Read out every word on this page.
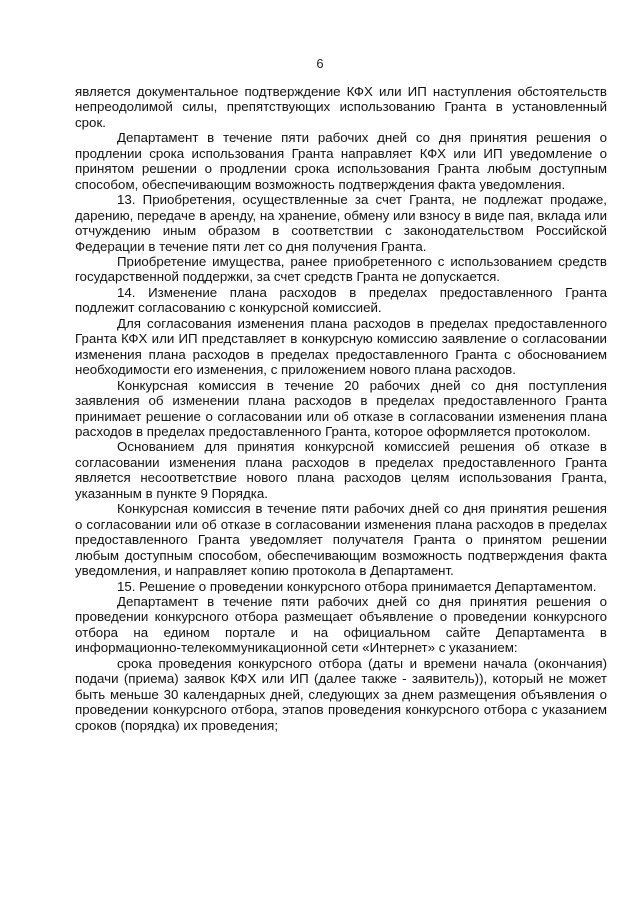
6

является документальное подтверждение КФХ или ИП наступления обстоятельств непреодолимой силы, препятствующих использованию Гранта в установленный срок.

Департамент в течение пяти рабочих дней со дня принятия решения о продлении срока использования Гранта направляет КФХ или ИП уведомление о принятом решении о продлении срока использования Гранта любым доступным способом, обеспечивающим возможность подтверждения факта уведомления.

13. Приобретения, осуществленные за счет Гранта, не подлежат продаже, дарению, передаче в аренду, на хранение, обмену или взносу в виде пая, вклада или отчуждению иным образом в соответствии с законодательством Российской Федерации в течение пяти лет со дня получения Гранта.

Приобретение имущества, ранее приобретенного с использованием средств государственной поддержки, за счет средств Гранта не допускается.

14. Изменение плана расходов в пределах предоставленного Гранта подлежит согласованию с конкурсной комиссией.

Для согласования изменения плана расходов в пределах предоставленного Гранта КФХ или ИП представляет в конкурсную комиссию заявление о согласовании изменения плана расходов в пределах предоставленного Гранта с обоснованием необходимости его изменения, с приложением нового плана расходов.

Конкурсная комиссия в течение 20 рабочих дней со дня поступления заявления об изменении плана расходов в пределах предоставленного Гранта принимает решение о согласовании или об отказе в согласовании изменения плана расходов в пределах предоставленного Гранта, которое оформляется протоколом.

Основанием для принятия конкурсной комиссией решения об отказе в согласовании изменения плана расходов в пределах предоставленного Гранта является несоответствие нового плана расходов целям использования Гранта, указанным в пункте 9 Порядка.

Конкурсная комиссия в течение пяти рабочих дней со дня принятия решения о согласовании или об отказе в согласовании изменения плана расходов в пределах предоставленного Гранта уведомляет получателя Гранта о принятом решении любым доступным способом, обеспечивающим возможность подтверждения факта уведомления, и направляет копию протокола в Департамент.

15. Решение о проведении конкурсного отбора принимается Департаментом.

Департамент в течение пяти рабочих дней со дня принятия решения о проведении конкурсного отбора размещает объявление о проведении конкурсного отбора на едином портале и на официальном сайте Департамента в информационно-телекоммуникационной сети «Интернет» с указанием:

срока проведения конкурсного отбора (даты и времени начала (окончания) подачи (приема) заявок КФХ или ИП (далее также - заявитель)), который не может быть меньше 30 календарных дней, следующих за днем размещения объявления о проведении конкурсного отбора, этапов проведения конкурсного отбора с указанием сроков (порядка) их проведения;
